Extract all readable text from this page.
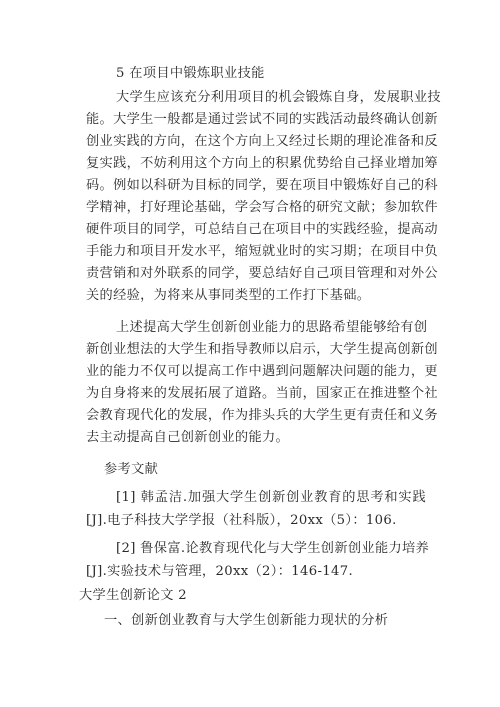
5 在项目中锻炼职业技能
大学生应该充分利用项目的机会锻炼自身，发展职业技
能。大学生一般都是通过尝试不同的实践活动最终确认创新
创业实践的方向，在这个方向上又经过长期的理论准备和反
复实践，不妨利用这个方向上的积累优势给自己择业增加筹
码。例如以科研为目标的同学，要在项目中锻炼好自己的科
学精神，打好理论基础，学会写合格的研究文献；参加软件
硬件项目的同学，可总结自己在项目中的实践经验，提高动
手能力和项目开发水平，缩短就业时的实习期；在项目中负
责营销和对外联系的同学，要总结好自己项目管理和对外公
关的经验，为将来从事同类型的工作打下基础。
上述提高大学生创新创业能力的思路希望能够给有创
新创业想法的大学生和指导教师以启示，大学生提高创新创
业的能力不仅可以提高工作中遇到问题解决问题的能力，更
为自身将来的发展拓展了道路。当前，国家正在推进整个社
会教育现代化的发展，作为排头兵的大学生更有责任和义务
去主动提高自己创新创业的能力。
参考文献
[1] 韩孟洁.加强大学生创新创业教育的思考和实践
[J].电子科技大学学报（社科版），20xx（5）：106.
[2] 鲁保富.论教育现代化与大学生创新创业能力培养
[J].实验技术与管理，20xx（2）：146-147.
大学生创新论文 2
一、创新创业教育与大学生创新能力现状的分析
